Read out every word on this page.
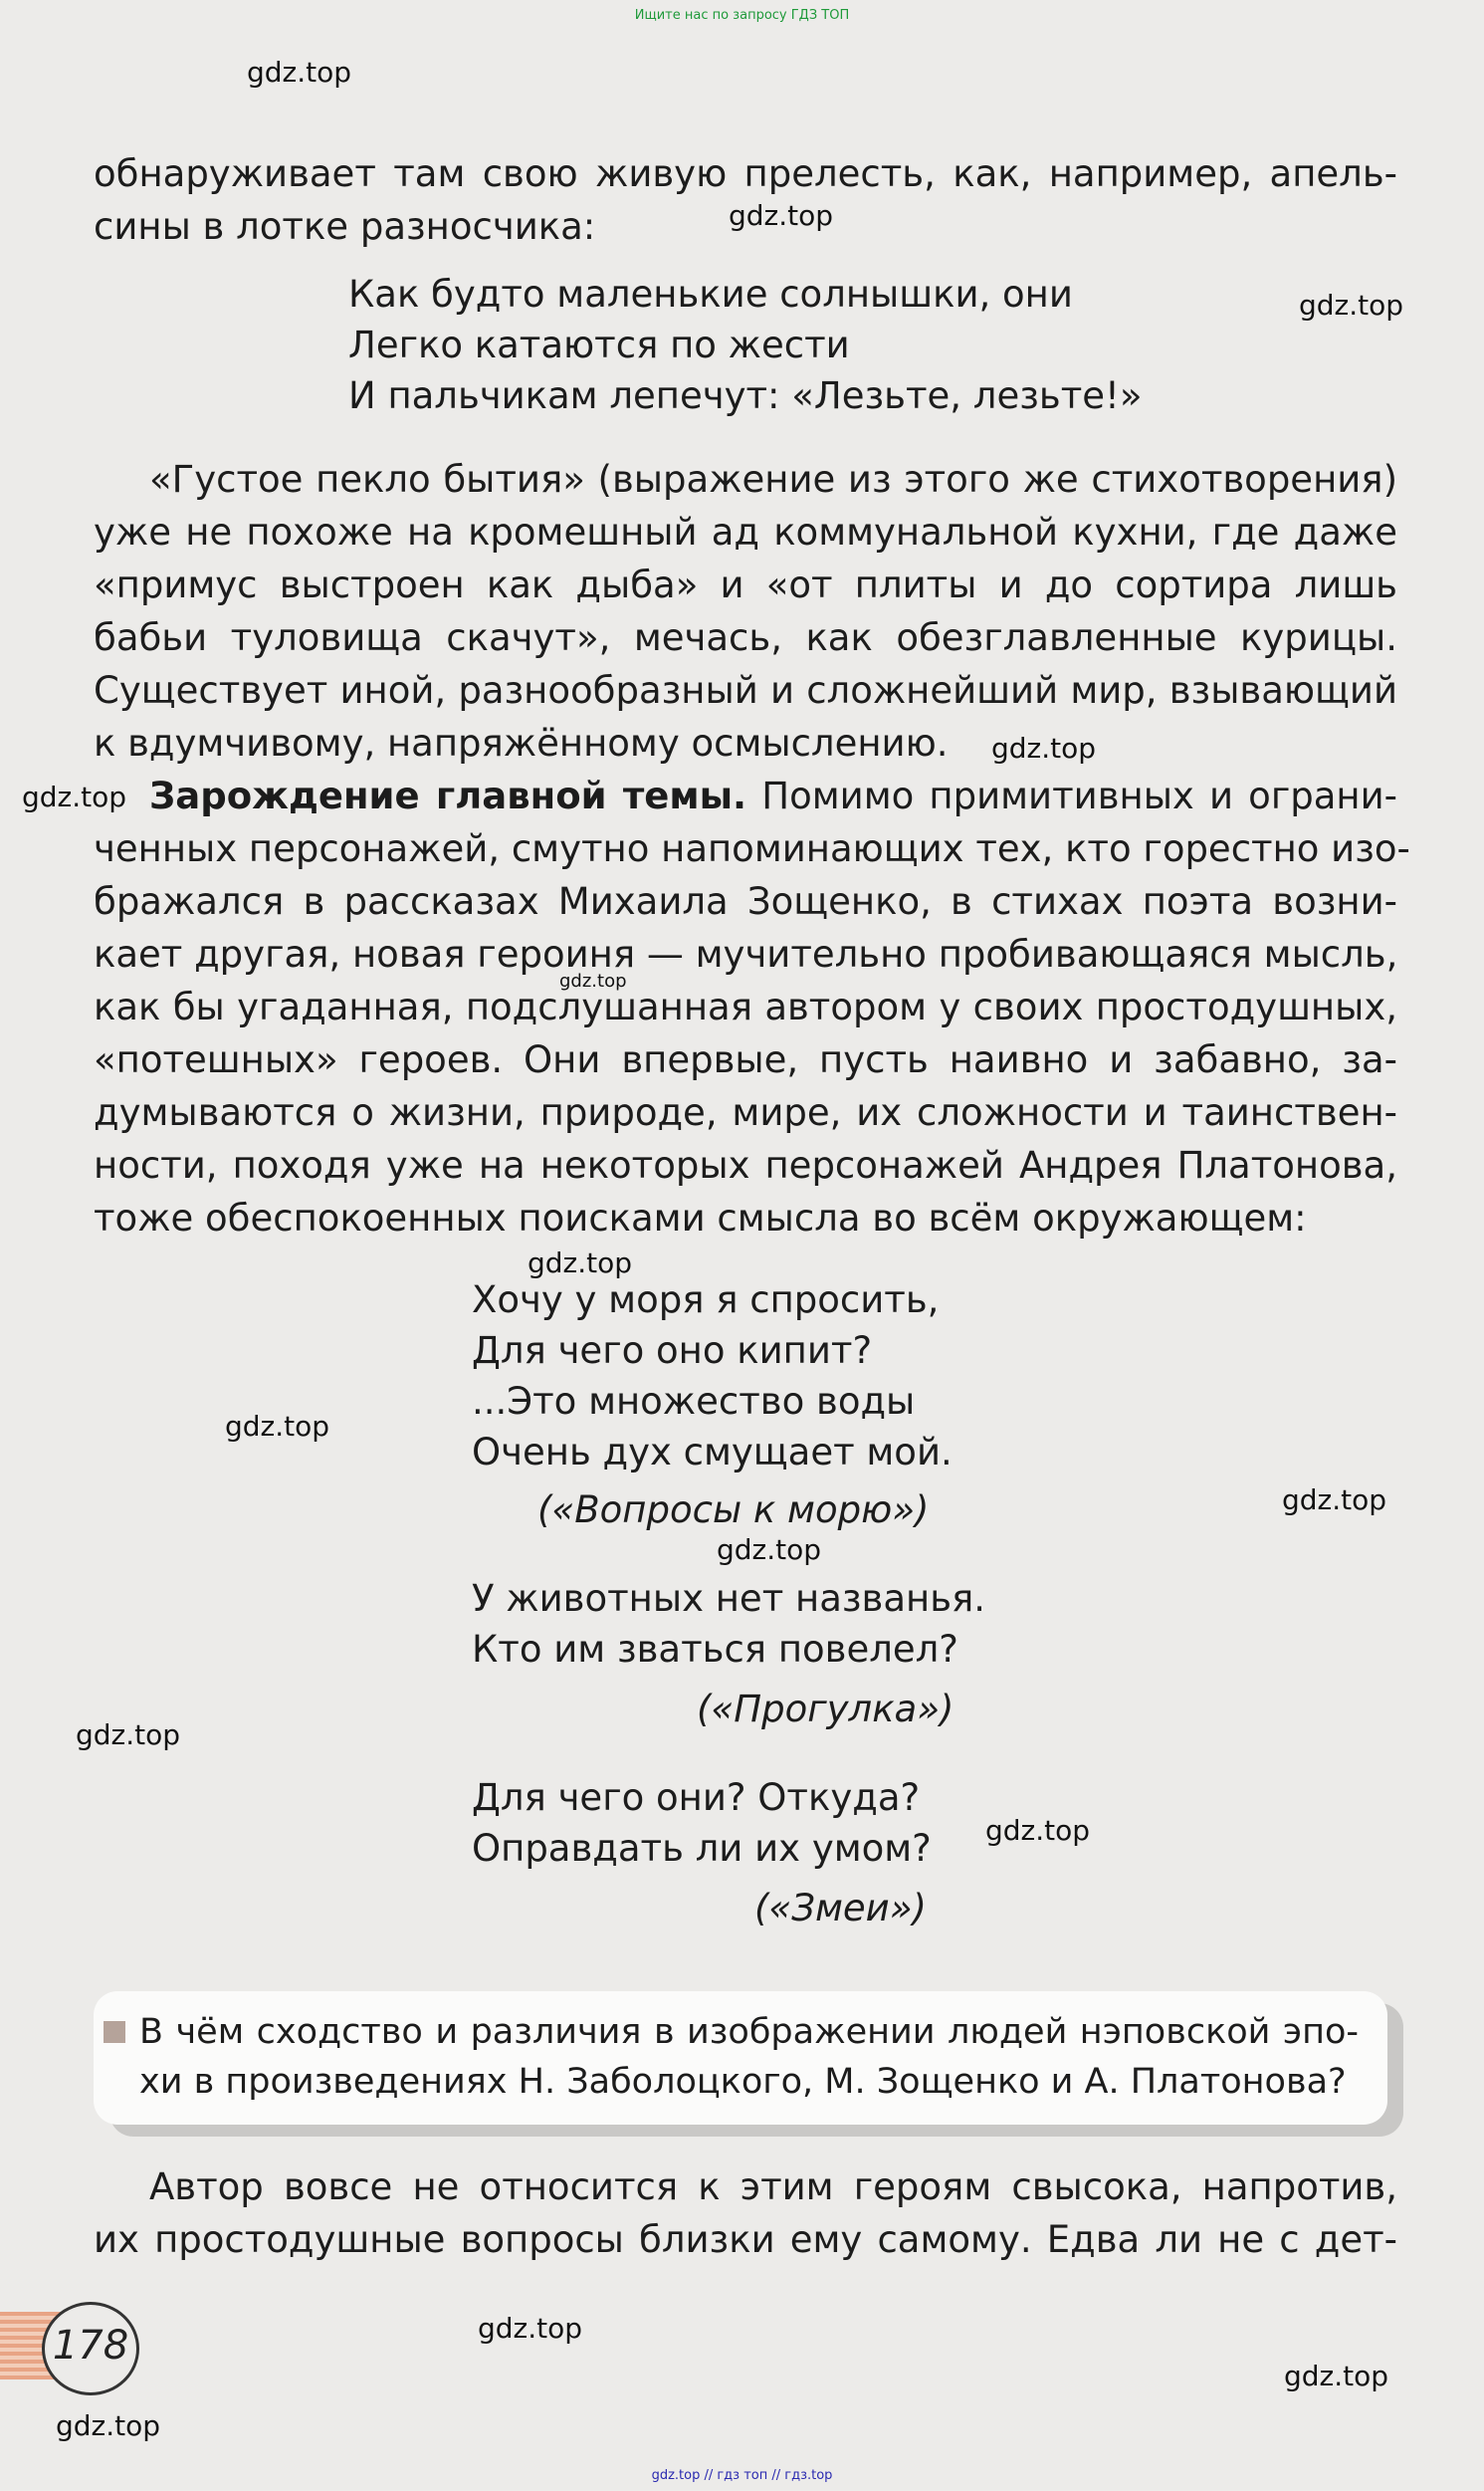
Ищите нас по запросу ГДЗ ТОП
gdz.top
gdz.top
gdz.top
gdz.top
gdz.top
gdz.top
gdz.top
gdz.top
gdz.top
gdz.top
gdz.top
gdz.top
gdz.top
gdz.top
gdz.top
обнаруживает там свою живую прелесть, как, например, апель-
сины в лотке разносчика:
Как будто маленькие солнышки, они
Легко катаются по жести
И пальчикам лепечут: «Лезьте, лезьте!»
«Густое пекло бытия» (выражение из этого же стихотворения)
уже не похоже на кромешный ад коммунальной кухни, где даже
«примус выстроен как дыба» и «от плиты и до сортира лишь
бабьи туловища скачут», мечась, как обезглавленные курицы.
Существует иной, разнообразный и сложнейший мир, взывающий
к вдумчивому, напряжённому осмыслению.
Зарождение главной темы. Помимо примитивных и ограни-
ченных персонажей, смутно напоминающих тех, кто горестно изо-
бражался в рассказах Михаила Зощенко, в стихах поэта возни-
кает другая, новая героиня — мучительно пробивающаяся мысль,
как бы угаданная, подслушанная автором у своих простодушных,
«потешных» героев. Они впервые, пусть наивно и забавно, за-
думываются о жизни, природе, мире, их сложности и таинствен-
ности, походя уже на некоторых персонажей Андрея Платонова,
тоже обеспокоенных поисками смысла во всём окружающем:
Хочу у моря я спросить,
Для чего оно кипит?
...Это множество воды
Очень дух смущает мой.
(«Вопросы к морю»)
У животных нет названья.
Кто им зваться повелел?
(«Прогулка»)
Для чего они? Откуда?
Оправдать ли их умом?
(«Змеи»)
В чём сходство и различия в изображении людей нэповской эпо-
хи в произведениях Н. Заболоцкого, М. Зощенко и А. Платонова?
Автор вовсе не относится к этим героям свысока, напротив,
их простодушные вопросы близки ему самому. Едва ли не с дет-
178
gdz.top // гдз топ // гдз.top
